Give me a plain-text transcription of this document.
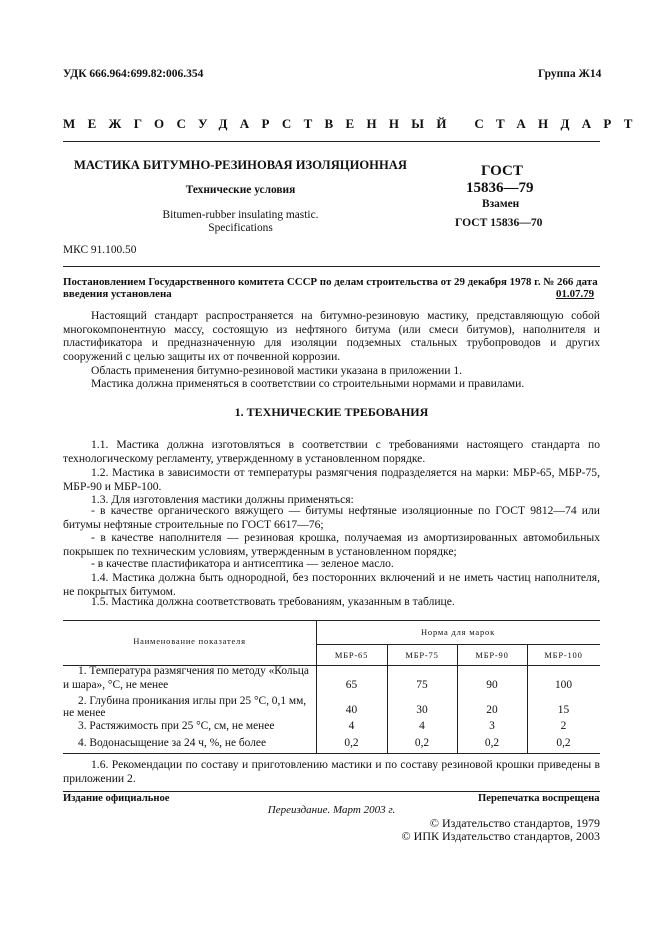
УДК 666.964:699.82:006.354	Группа Ж14
МЕЖГОСУДАРСТВЕННЫЙ СТАНДАРТ
МАСТИКА БИТУМНО-РЕЗИНОВАЯ ИЗОЛЯЦИОННАЯ
Технические условия
Bitumen-rubber insulating mastic.
Specifications
ГОСТ
15836—79
Взамен
ГОСТ 15836—70
МКС 91.100.50
Постановлением Государственного комитета СССР по делам строительства от 29 декабря 1978 г. № 266 дата
введения установлена	01.07.79
Настоящий стандарт распространяется на битумно-резиновую мастику, представляющую собой многокомпонентную массу, состоящую из нефтяного битума (или смеси битумов), наполнителя и пластификатора и предназначенную для изоляции подземных стальных трубопроводов и других сооружений с целью защиты их от почвенной коррозии.
Область применения битумно-резиновой мастики указана в приложении 1.
Мастика должна применяться в соответствии со строительными нормами и правилами.
1. ТЕХНИЧЕСКИЕ ТРЕБОВАНИЯ
1.1. Мастика должна изготовляться в соответствии с требованиями настоящего стандарта по технологическому регламенту, утвержденному в установленном порядке.
1.2. Мастика в зависимости от температуры размягчения подразделяется на марки: МБР-65, МБР-75, МБР-90 и МБР-100.
1.3. Для изготовления мастики должны применяться:
- в качестве органического вяжущего — битумы нефтяные изоляционные по ГОСТ 9812—74 или битумы нефтяные строительные по ГОСТ 6617—76;
- в качестве наполнителя — резиновая крошка, получаемая из амортизированных автомобильных покрышек по техническим условиям, утвержденным в установленном порядке;
- в качестве пластификатора и антисептика — зеленое масло.
1.4. Мастика должна быть однородной, без посторонних включений и не иметь частиц наполнителя, не покрытых битумом.
1.5. Мастика должна соответствовать требованиям, указанным в таблице.
Наименование показателя
Норма для марок
МБР-65	МБР-75	МБР-90	МБР-100
1. Температура размягчения по методу «Кольца
и шара», °С, не менее	65	75	90	100
2. Глубина проникания иглы при 25 °С, 0,1 мм,
не менее	40	30	20	15
3. Растяжимость при 25 °С, см, не менее	4	4	3	2
4. Водонасыщение за 24 ч, %, не более	0,2	0,2	0,2	0,2
1.6. Рекомендации по составу и приготовлению мастики и по составу резиновой крошки приведены в приложении 2.
Издание официальное	Перепечатка воспрещена
Переиздание. Март 2003 г.
© Издательство стандартов, 1979
© ИПК Издательство стандартов, 2003
